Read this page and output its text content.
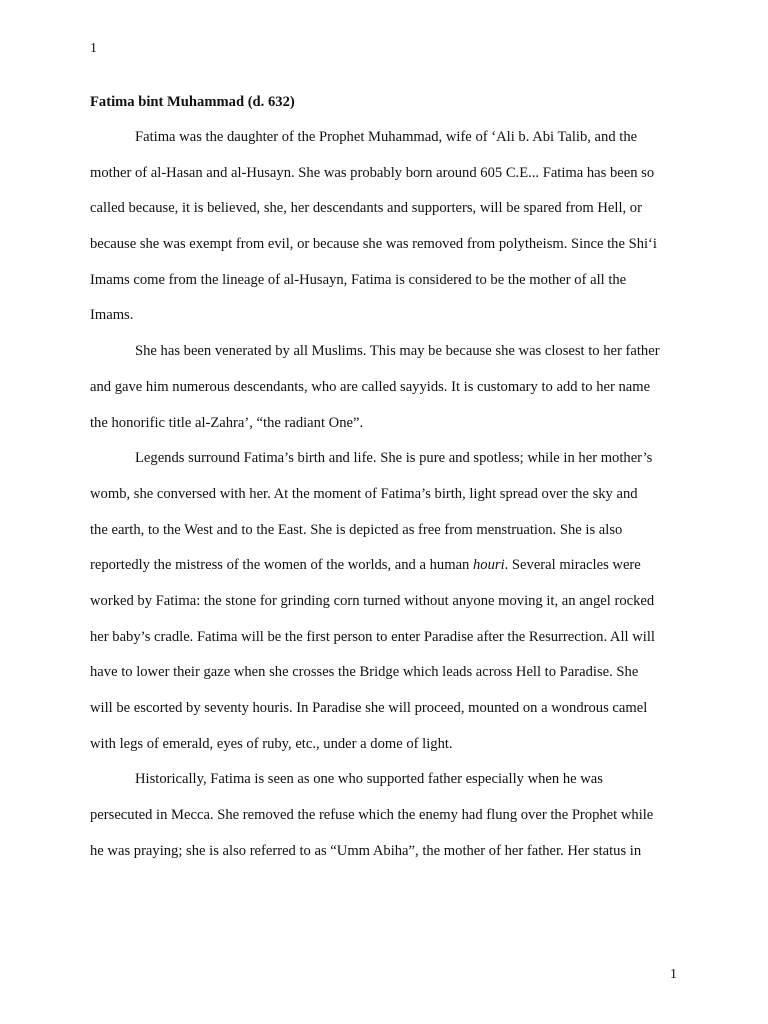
1
Fatima bint Muhammad (d. 632)
Fatima was the daughter of the Prophet Muhammad, wife of ‘Ali b. Abi Talib, and the
mother of al-Hasan and al-Husayn. She was probably born around 605 C.E... Fatima has been so
called because, it is believed, she, her descendants and supporters, will be spared from Hell, or
because she was exempt from evil, or because she was removed from polytheism. Since the Shi‘i
Imams come from the lineage of al-Husayn, Fatima is considered to be the mother of all the
Imams.
She has been venerated by all Muslims. This may be because she was closest to her father
and gave him numerous descendants, who are called sayyids. It is customary to add to her name
the honorific title al-Zahra’, “the radiant One”.
Legends surround Fatima’s birth and life. She is pure and spotless; while in her mother’s
womb, she conversed with her. At the moment of Fatima’s birth, light spread over the sky and
the earth, to the West and to the East. She is depicted as free from menstruation. She is also
reportedly the mistress of the women of the worlds, and a human houri. Several miracles were
worked by Fatima: the stone for grinding corn turned without anyone moving it, an angel rocked
her baby’s cradle. Fatima will be the first person to enter Paradise after the Resurrection. All will
have to lower their gaze when she crosses the Bridge which leads across Hell to Paradise. She
will be escorted by seventy houris. In Paradise she will proceed, mounted on a wondrous camel
with legs of emerald, eyes of ruby, etc., under a dome of light.
Historically, Fatima is seen as one who supported father especially when he was
persecuted in Mecca. She removed the refuse which the enemy had flung over the Prophet while
he was praying; she is also referred to as “Umm Abiha”, the mother of her father. Her status in
1
